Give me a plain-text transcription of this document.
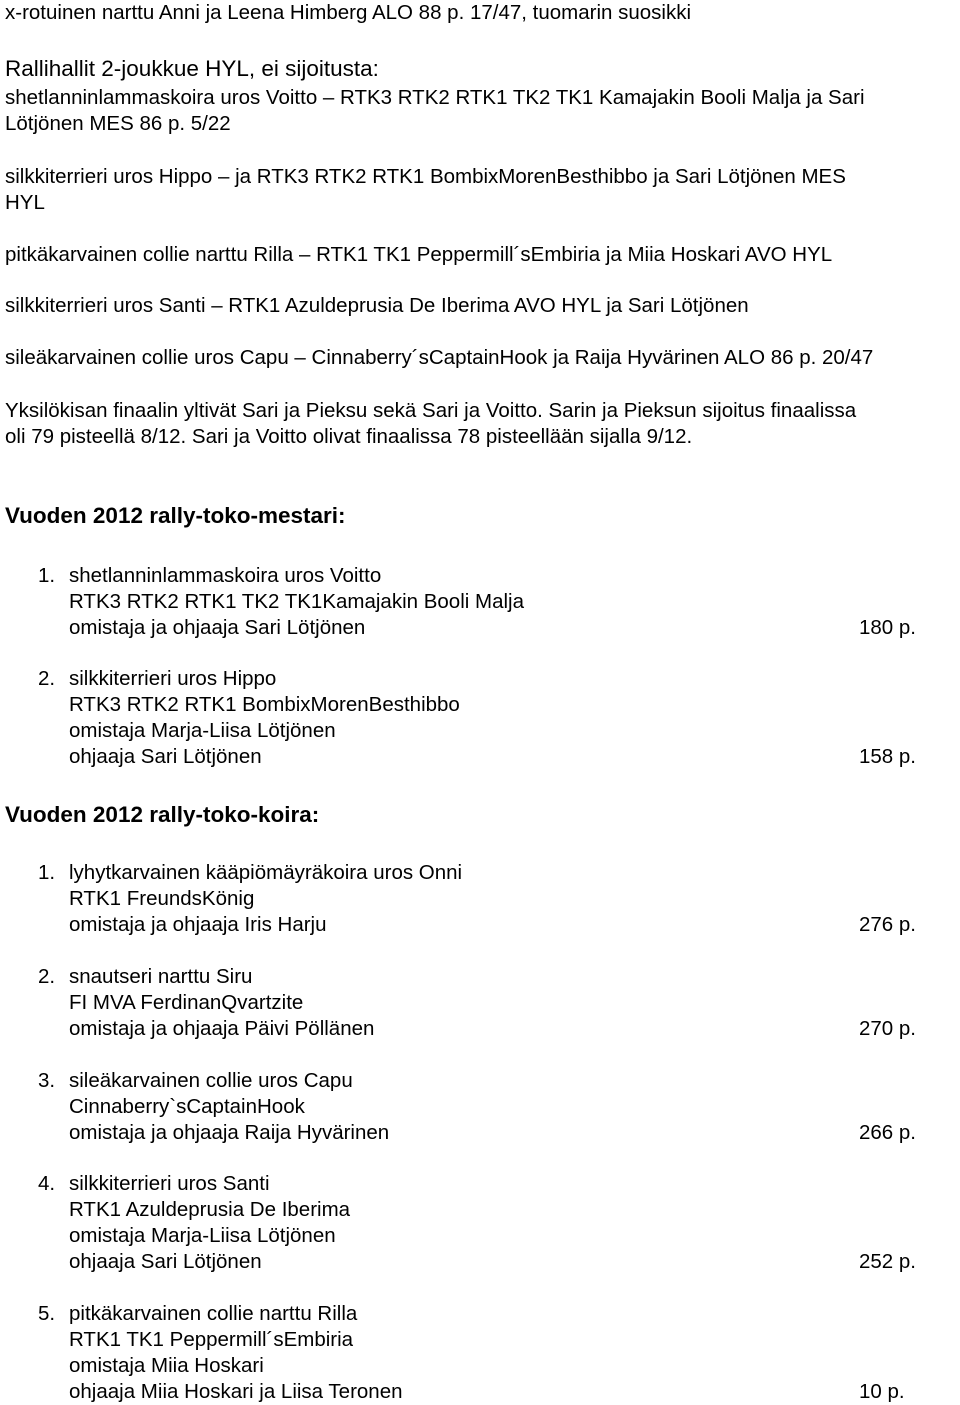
x-rotuinen narttu Anni ja Leena Himberg ALO 88 p. 17/47, tuomarin suosikki
Rallihallit 2-joukkue HYL, ei sijoitusta:
shetlanninlammaskoira uros Voitto – RTK3 RTK2 RTK1 TK2 TK1 Kamajakin Booli Malja ja Sari
Lötjönen MES 86 p. 5/22
silkkiterrieri uros Hippo – ja RTK3 RTK2 RTK1 BombixMorenBesthibbo ja Sari Lötjönen MES
HYL
pitkäkarvainen collie narttu Rilla – RTK1 TK1 Peppermill´sEmbiria ja Miia Hoskari AVO HYL
silkkiterrieri uros Santi – RTK1 Azuldeprusia De Iberima AVO HYL ja Sari Lötjönen
sileäkarvainen collie uros Capu – Cinnaberry´sCaptainHook ja Raija Hyvärinen ALO 86 p. 20/47
Yksilökisan finaalin yltivät Sari ja Pieksu sekä Sari ja Voitto. Sarin ja Pieksun sijoitus finaalissa
oli 79 pisteellä 8/12. Sari ja Voitto olivat finaalissa 78 pisteellään sijalla 9/12.
Vuoden 2012 rally-toko-mestari:
1. shetlanninlammaskoira uros Voitto
RTK3 RTK2 RTK1 TK2 TK1Kamajakin Booli Malja
omistaja ja ohjaaja Sari Lötjönen	180 p.
2. silkkiterrieri uros Hippo
RTK3 RTK2 RTK1 BombixMorenBesthibbo
omistaja Marja-Liisa Lötjönen
ohjaaja Sari Lötjönen	158 p.
Vuoden 2012 rally-toko-koira:
1. lyhytkarvainen kääpiömäyräkoira uros Onni
RTK1 FreundsKönig
omistaja ja ohjaaja Iris Harju	276 p.
2. snautseri narttu Siru
FI MVA FerdinanQvartzite
omistaja ja ohjaaja Päivi Pöllänen	270 p.
3. sileäkarvainen collie uros Capu
Cinnaberry`sCaptainHook
omistaja ja ohjaaja Raija Hyvärinen	266 p.
4. silkkiterrieri uros Santi
RTK1 Azuldeprusia De Iberima
omistaja Marja-Liisa Lötjönen
ohjaaja Sari Lötjönen	252 p.
5. pitkäkarvainen collie narttu Rilla
RTK1 TK1 Peppermill´sEmbiria
omistaja Miia Hoskari
ohjaaja Miia Hoskari ja Liisa Teronen	10 p.
